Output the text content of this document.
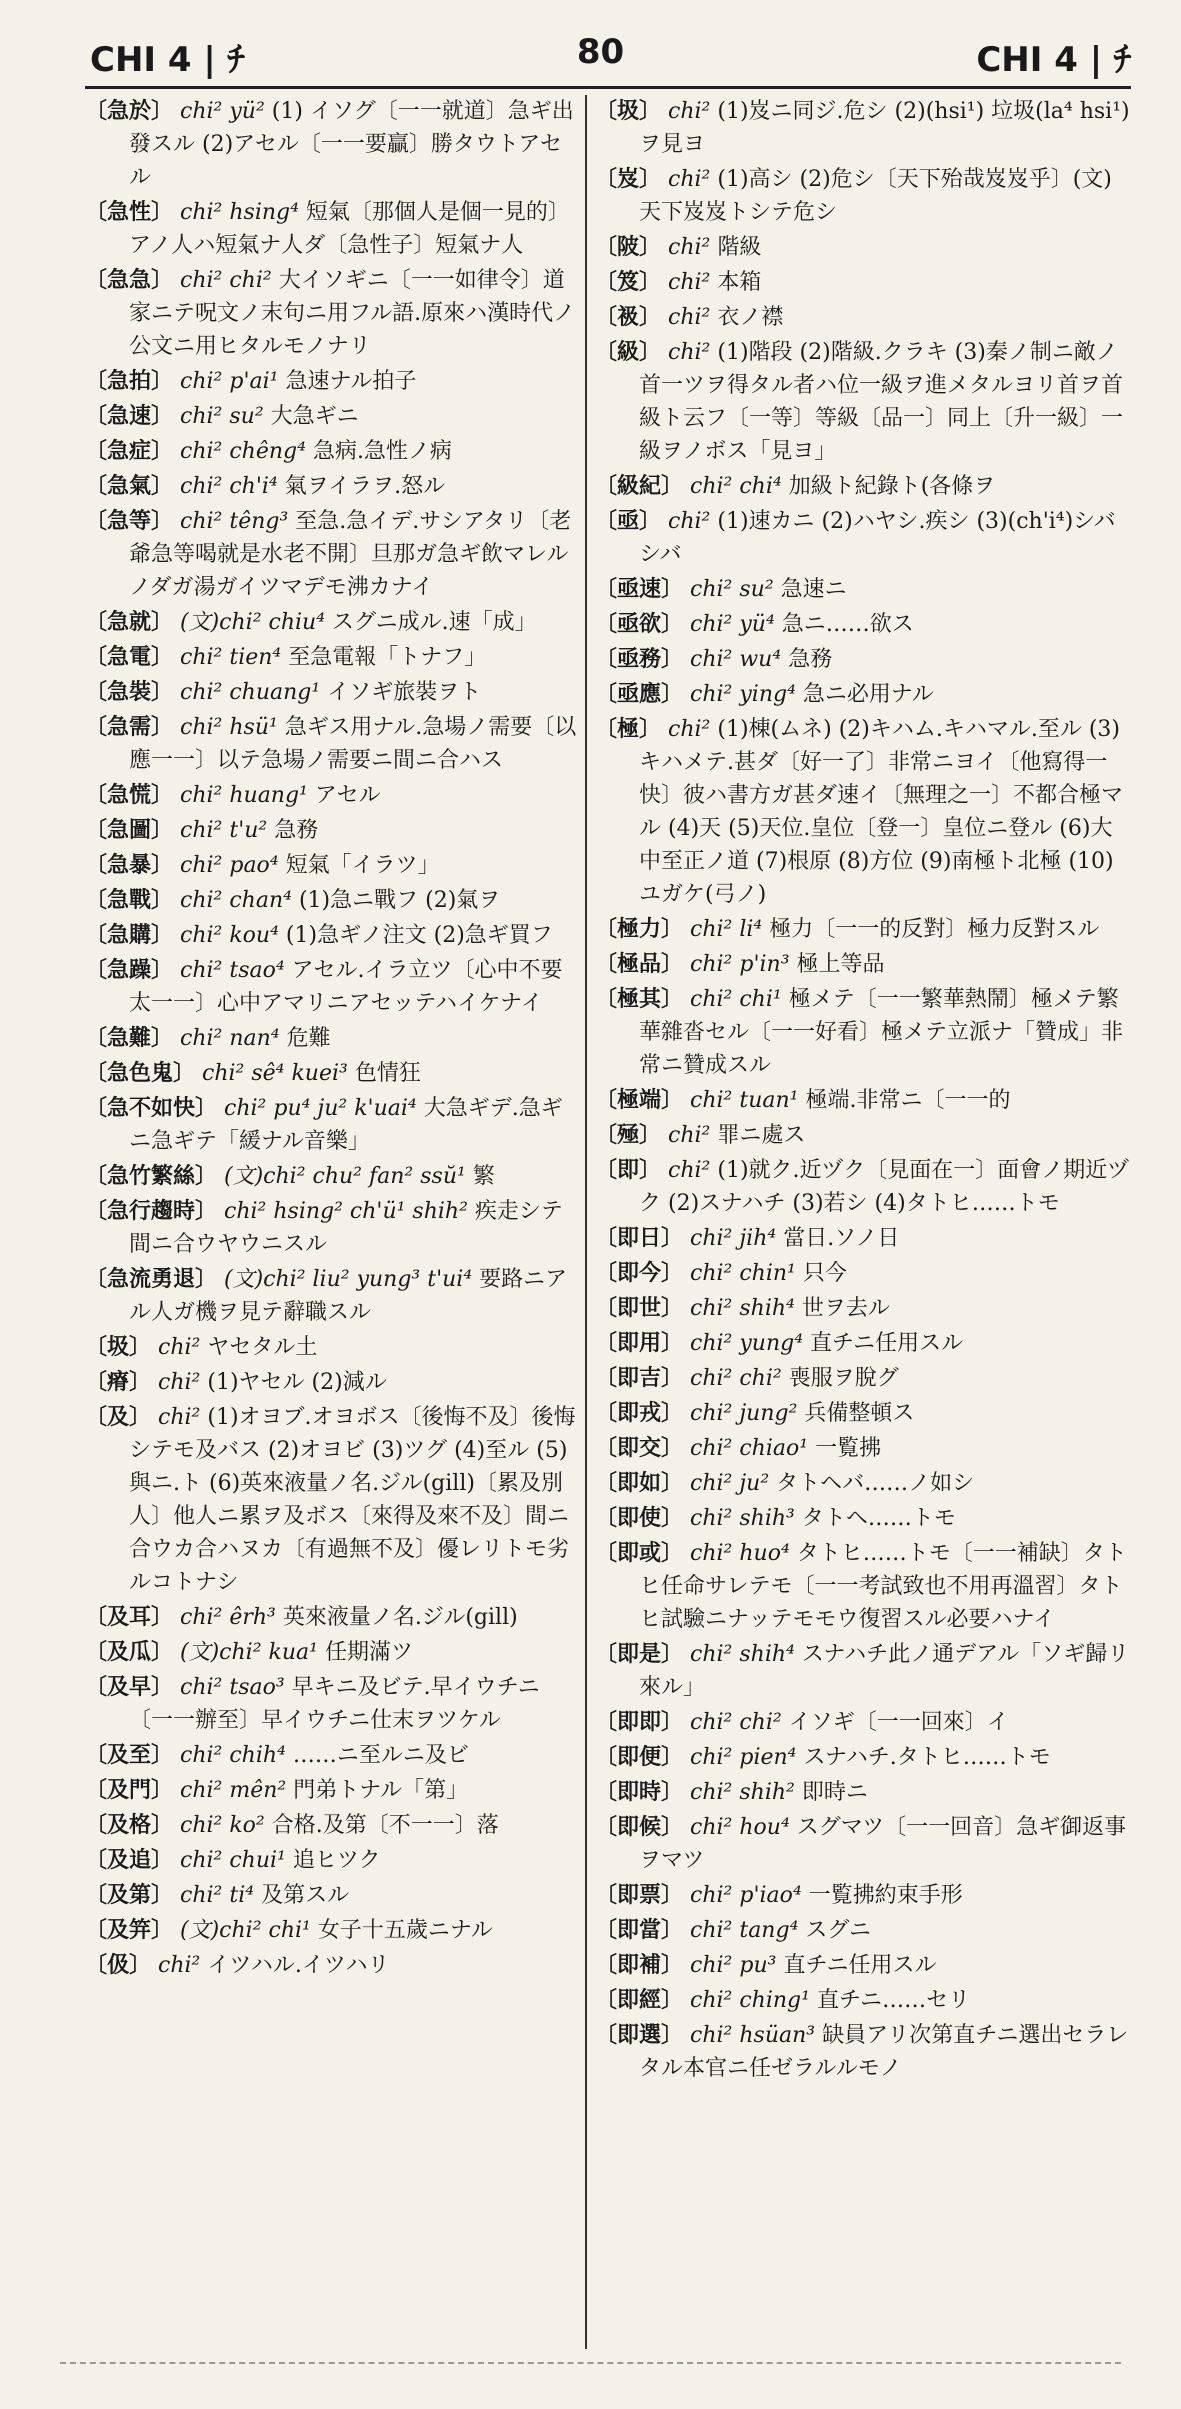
CHI 4 | ﾁ	80	CHI 4 | ﾁ

〔急於〕 chi² yü² (1) イソグ〔一一就道〕急ギ出發スル (2)アセル〔一一要贏〕勝タウトアセル

〔急性〕 chi² hsing⁴ 短氣〔那個人是個一見的〕アノ人ハ短氣ナ人ダ〔急性子〕短氣ナ人

〔急急〕 chi² chi² 大イソギニ〔一一如律令〕道家ニテ呪文ノ末句ニ用フル語.原來ハ漢時代ノ公文ニ用ヒタルモノナリ

〔急拍〕 chi² p'ai¹ 急速ナル拍子

〔急速〕 chi² su² 大急ギニ

〔急症〕 chi² chêng⁴ 急病.急性ノ病

〔急氣〕 chi² ch'i⁴ 氣ヲイラヲ.怒ル

〔急等〕 chi² têng³ 至急.急イデ.サシアタリ〔老爺急等喝就是水老不開〕旦那ガ急ギ飲マレルノダガ湯ガイツマデモ沸カナイ

〔急就〕 (文)chi² chiu⁴ スグニ成ル.速「成」

〔急電〕 chi² tien⁴ 至急電報「トナフ」

〔急裝〕 chi² chuang¹ イソギ旅裝ヲト

〔急需〕 chi² hsü¹ 急ギス用ナル.急場ノ需要〔以應一一〕以テ急場ノ需要ニ間ニ合ハス

〔急慌〕 chi² huang¹ アセル

〔急圖〕 chi² t'u² 急務

〔急暴〕 chi² pao⁴ 短氣「イラツ」

〔急戰〕 chi² chan⁴ (1)急ニ戰フ (2)氣ヲ

〔急購〕 chi² kou⁴ (1)急ギノ注文 (2)急ギ買フ

〔急躁〕 chi² tsao⁴ アセル.イラ立ツ〔心中不要太一一〕心中アマリニアセッテハイケナイ

〔急難〕 chi² nan⁴ 危難

〔急色鬼〕 chi² sê⁴ kuei³ 色情狂

〔急不如快〕 chi² pu⁴ ju² k'uai⁴ 大急ギデ.急ギニ急ギテ「緩ナル音樂」

〔急竹繁絲〕 (文)chi² chu² fan² ssŭ¹ 繁

〔急行趨時〕 chi² hsing² ch'ü¹ shih² 疾走シテ間ニ合ウヤウニスル

〔急流勇退〕 (文)chi² liu² yung³ t'ui⁴ 要路ニアル人ガ機ヲ見テ辭職スル

〔圾〕 chi² ヤセタル土

〔瘠〕 chi² (1)ヤセル (2)減ル

〔及〕 chi² (1)オヨブ.オヨボス〔後悔不及〕後悔シテモ及バス (2)オヨビ (3)ツグ (4)至ル (5)與ニ.ト (6)英來液量ノ名.ジル(gill)〔累及別人〕他人ニ累ヲ及ボス〔來得及來不及〕間ニ合ウカ合ハヌカ〔有過無不及〕優レリトモ劣ルコトナシ

〔及耳〕 chi² êrh³ 英來液量ノ名.ジル(gill)

〔及瓜〕 (文)chi² kua¹ 任期滿ツ

〔及早〕 chi² tsao³ 早キニ及ビテ.早イウチニ〔一一辦至〕早イウチニ仕末ヲツケル

〔及至〕 chi² chih⁴ ……ニ至ルニ及ビ

〔及門〕 chi² mên² 門弟トナル「第」

〔及格〕 chi² ko² 合格.及第〔不一一〕落

〔及追〕 chi² chui¹ 追ヒツク

〔及第〕 chi² ti⁴ 及第スル

〔及笄〕 (文)chi² chi¹ 女子十五歲ニナル

〔伋〕 chi² イツハル.イツハリ

〔圾〕 chi² (1)岌ニ同ジ.危シ (2)(hsi¹) 垃圾(la⁴ hsi¹)ヲ見ヨ

〔岌〕 chi² (1)高シ (2)危シ〔天下殆哉岌岌乎〕(文)天下岌岌トシテ危シ

〔陂〕 chi² 階級

〔笈〕 chi² 本箱

〔衱〕 chi² 衣ノ襟

〔級〕 chi² (1)階段 (2)階級.クラキ (3)秦ノ制ニ敵ノ首一ツヲ得タル者ハ位一級ヲ進メタルヨリ首ヲ首級ト云フ〔一等〕等級〔品一〕同上〔升一級〕一級ヲノボス「見ヨ」

〔級紀〕 chi² chi⁴ 加級ト紀錄ト(各條ヲ

〔亟〕 chi² (1)速カニ (2)ハヤシ.疾シ (3)(ch'i⁴)シバシバ

〔亟速〕 chi² su² 急速ニ

〔亟欲〕 chi² yü⁴ 急ニ……欲ス

〔亟務〕 chi² wu⁴ 急務

〔亟應〕 chi² ying⁴ 急ニ必用ナル

〔極〕 chi² (1)棟(ムネ) (2)キハム.キハマル.至ル (3)キハメテ.甚ダ〔好一了〕非常ニヨイ〔他寫得一快〕彼ハ書方ガ甚ダ速イ〔無理之一〕不都合極マル (4)天 (5)天位.皇位〔登一〕皇位ニ登ル (6)大中至正ノ道 (7)根原 (8)方位 (9)南極ト北極 (10)ユガケ(弓ノ)

〔極力〕 chi² li⁴ 極力〔一一的反對〕極力反對スル

〔極品〕 chi² p'in³ 極上等品

〔極其〕 chi² chi¹ 極メテ〔一一繁華熱鬧〕極メテ繁華雜沓セル〔一一好看〕極メテ立派ナ「贊成」非常ニ贊成スル

〔極端〕 chi² tuan¹ 極端.非常ニ〔一一的

〔殛〕 chi² 罪ニ處ス

〔即〕 chi² (1)就ク.近ヅク〔見面在一〕面會ノ期近ヅク (2)スナハチ (3)若シ (4)タトヒ……トモ

〔即日〕 chi² jih⁴ 當日.ソノ日

〔即今〕 chi² chin¹ 只今

〔即世〕 chi² shih⁴ 世ヲ去ル

〔即用〕 chi² yung⁴ 直チニ任用スル

〔即吉〕 chi² chi² 喪服ヲ脫グ

〔即戎〕 chi² jung² 兵備整頓ス

〔即交〕 chi² chiao¹ 一覧拂

〔即如〕 chi² ju² タトヘバ……ノ如シ

〔即使〕 chi² shih³ タトヘ……トモ

〔即或〕 chi² huo⁴ タトヒ……トモ〔一一補缺〕タトヒ任命サレテモ〔一一考試致也不用再溫習〕タトヒ試驗ニナッテモモウ復習スル必要ハナイ

〔即是〕 chi² shih⁴ スナハチ此ノ通デアル「ソギ歸リ來ル」

〔即即〕 chi² chi² イソギ〔一一回來〕イ

〔即便〕 chi² pien⁴ スナハチ.タトヒ……トモ

〔即時〕 chi² shih² 即時ニ

〔即候〕 chi² hou⁴ スグマツ〔一一回音〕急ギ御返事ヲマツ

〔即票〕 chi² p'iao⁴ 一覧拂約束手形

〔即當〕 chi² tang⁴ スグニ

〔即補〕 chi² pu³ 直チニ任用スル

〔即經〕 chi² ching¹ 直チニ……セリ

〔即選〕 chi² hsüan³ 缺員アリ次第直チニ選出セラレタル本官ニ任ゼラルルモノ
